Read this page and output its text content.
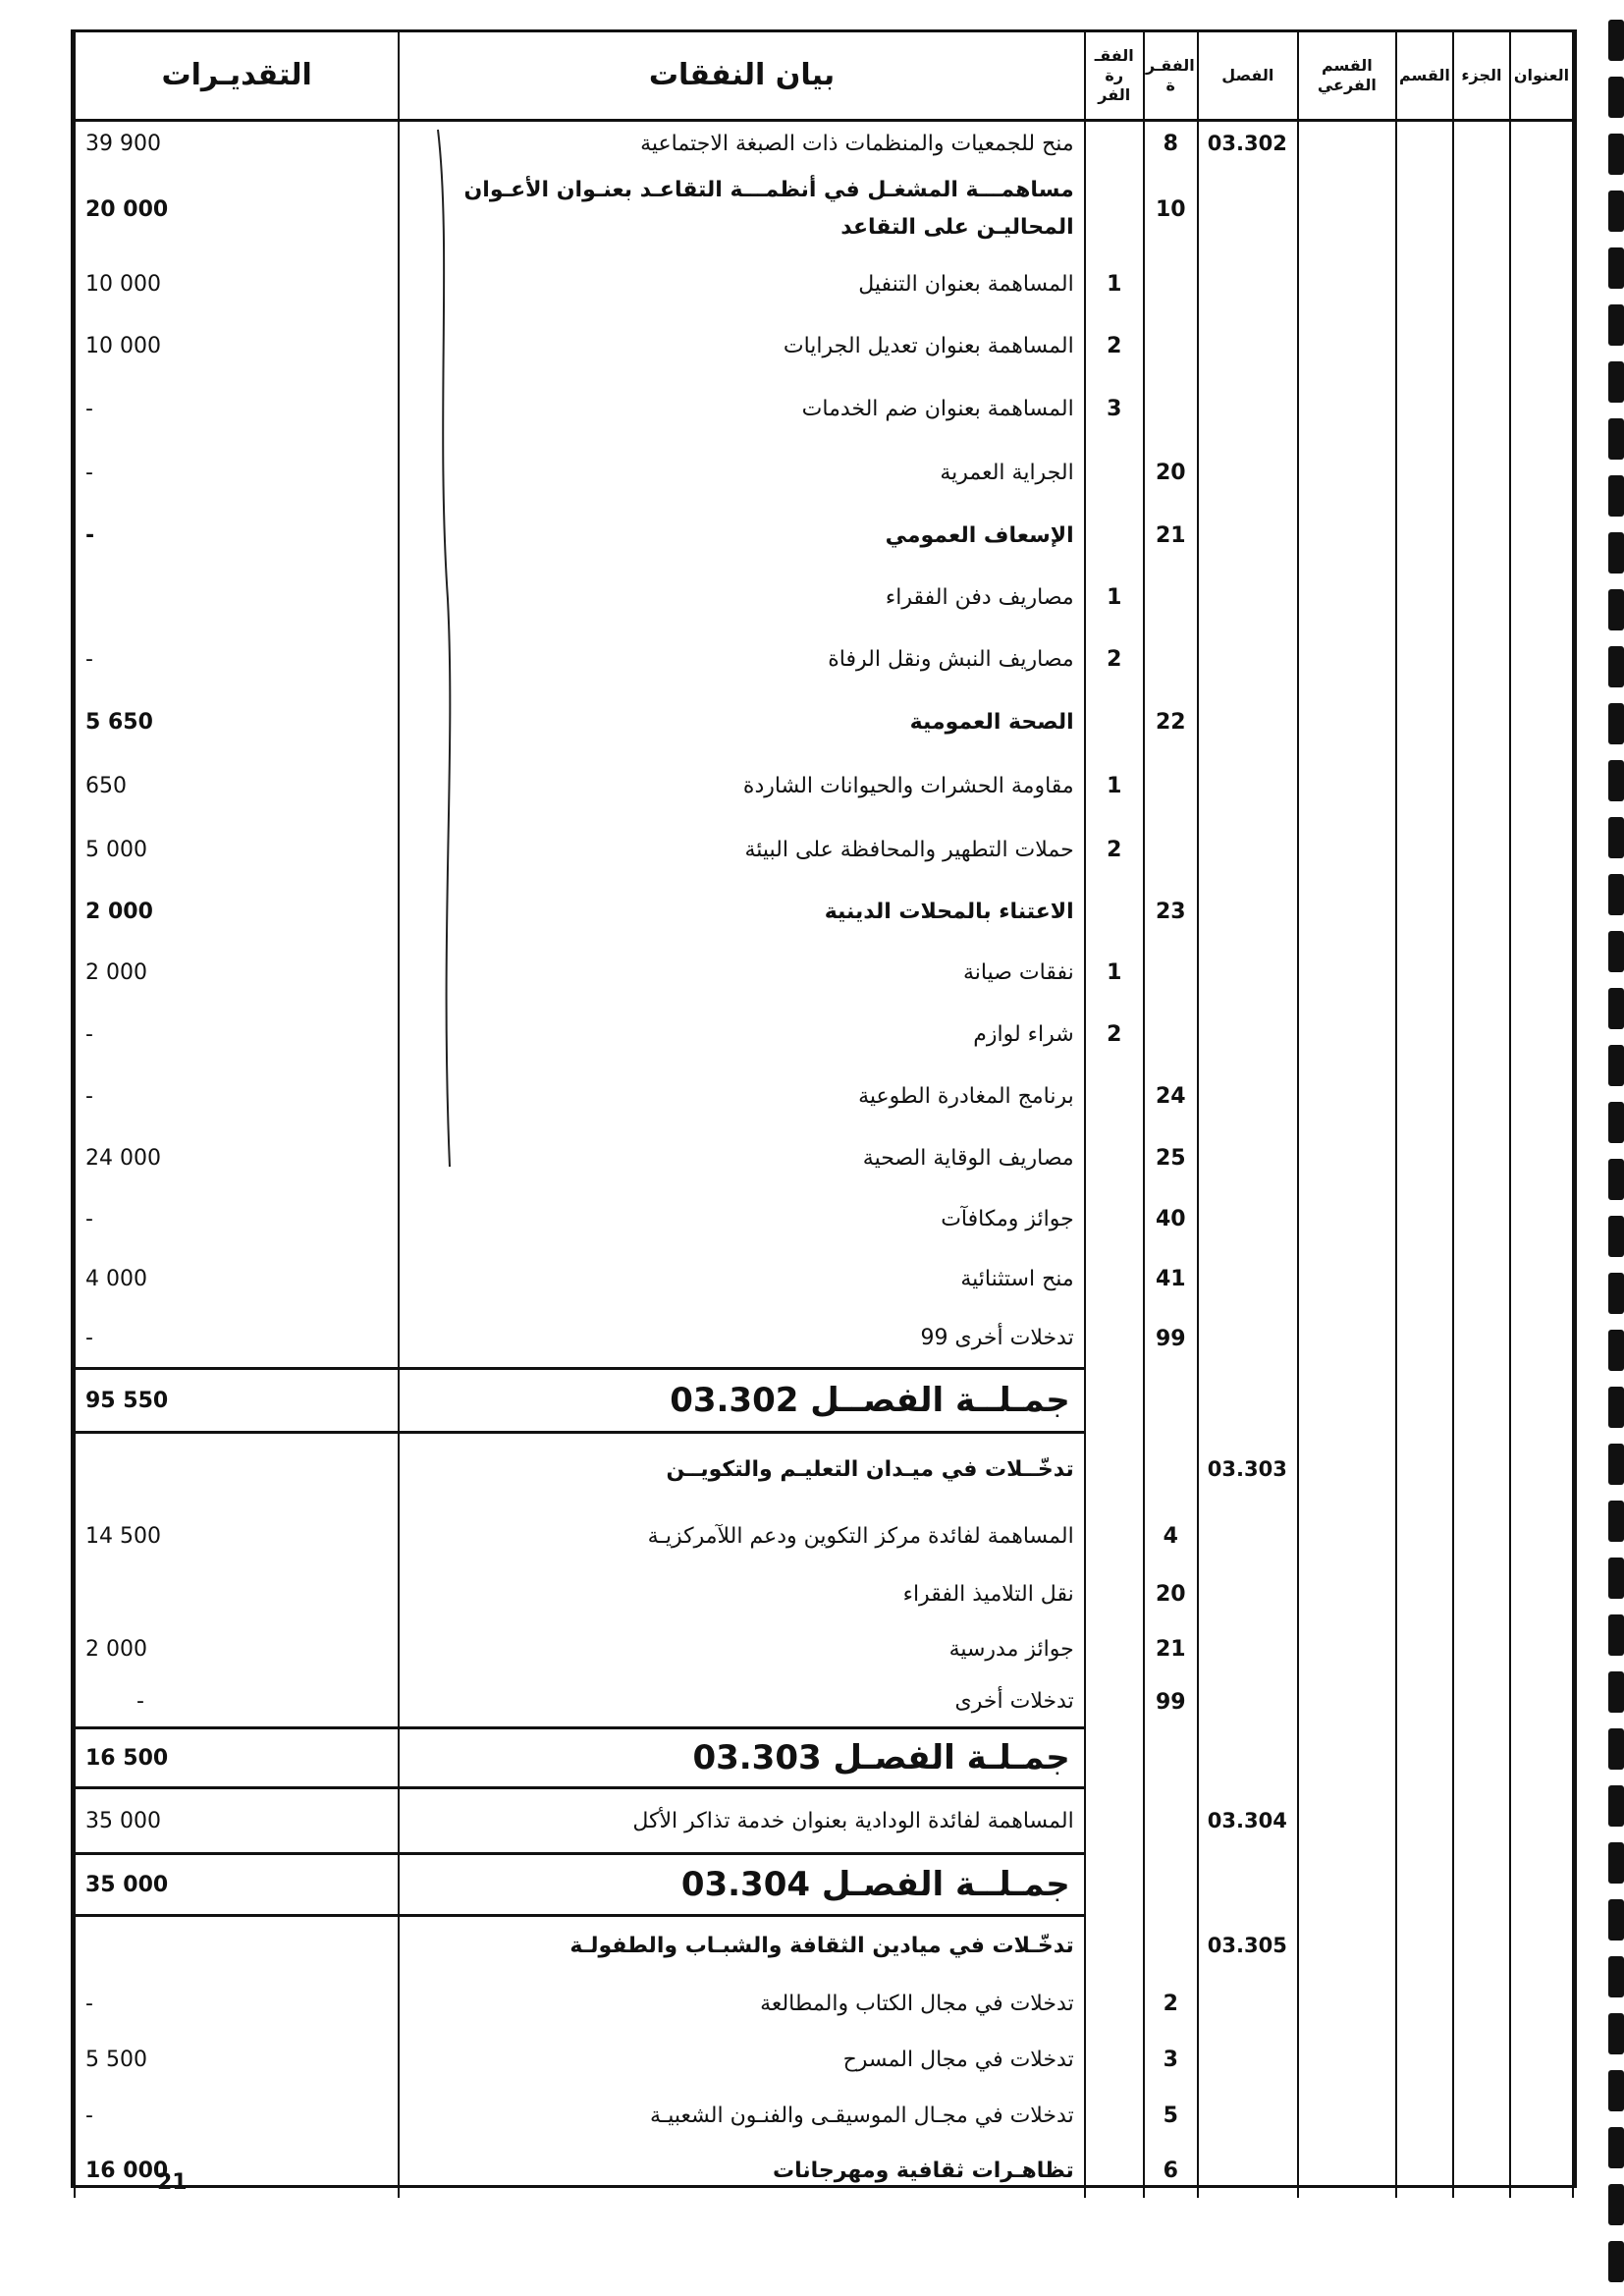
العنوان	الجزء	القسم	القسم الفرعي	الفصل	الفقـر ة	الفقـ رة الفر	بيان النفقات	التقديـرات
				03.302	8		منح للجمعيات والمنظمات ذات الصبغة الاجتماعية	39 900
					10		مساهمـــة المشغـل في أنظمـــة التقاعـد بعنـوان الأعـوان المحاليـن على التقاعد	20 000
						1	المساهمة بعنوان التنفيل	10 000
						2	المساهمة بعنوان تعديل الجرايات	10 000
						3	المساهمة بعنوان ضم الخدمات	-
					20		الجراية العمرية	-
					21		الإسعاف العمومي	-
						1	مصاريف دفن الفقراء	
						2	مصاريف النبش ونقل الرفاة	-
					22		الصحة العمومية	5 650
						1	مقاومة الحشرات والحيوانات الشاردة	650
						2	حملات التطهير والمحافظة على البيئة	5 000
					23		الاعتناء بالمحلات الدينية	2 000
						1	نفقات صيانة	2 000
						2	شراء لوازم	-
					24		برنامج المغادرة الطوعية	-
					25		مصاريف الوقاية الصحية	24 000
					40		جوائز ومكافآت	-
					41		منح استثنائية	4 000
					99		تدخلات أخرى 99	-
							جمـلــة الفصــل 03.302	95 550
				03.303			تدخّــلات في ميـدان التعليـم والتكويــن	
					4		المساهمة لفائدة مركز التكوين ودعم اللآمركزيـة	14 500
					20		نقل التلاميذ الفقراء	
					21		جوائز مدرسية	2 000
					99		تدخلات أخرى	-
							جمـلـة الفصـل 03.303	16 500
				03.304			المساهمة لفائدة الودادية بعنوان خدمة تذاكر الأكل	35 000
							جمـلــة الفصـل 03.304	35 000
				03.305			تدخّـلات في ميادين الثقافة والشبـاب والطفولـة	
					2		تدخلات في مجال الكتاب والمطالعة	-
					3		تدخلات في مجال المسرح	5 500
					5		تدخلات في مجـال الموسيقـى والفنـون الشعبيـة	-
					6		تظاهـرات ثقافية ومهرجانات	16 000
21
